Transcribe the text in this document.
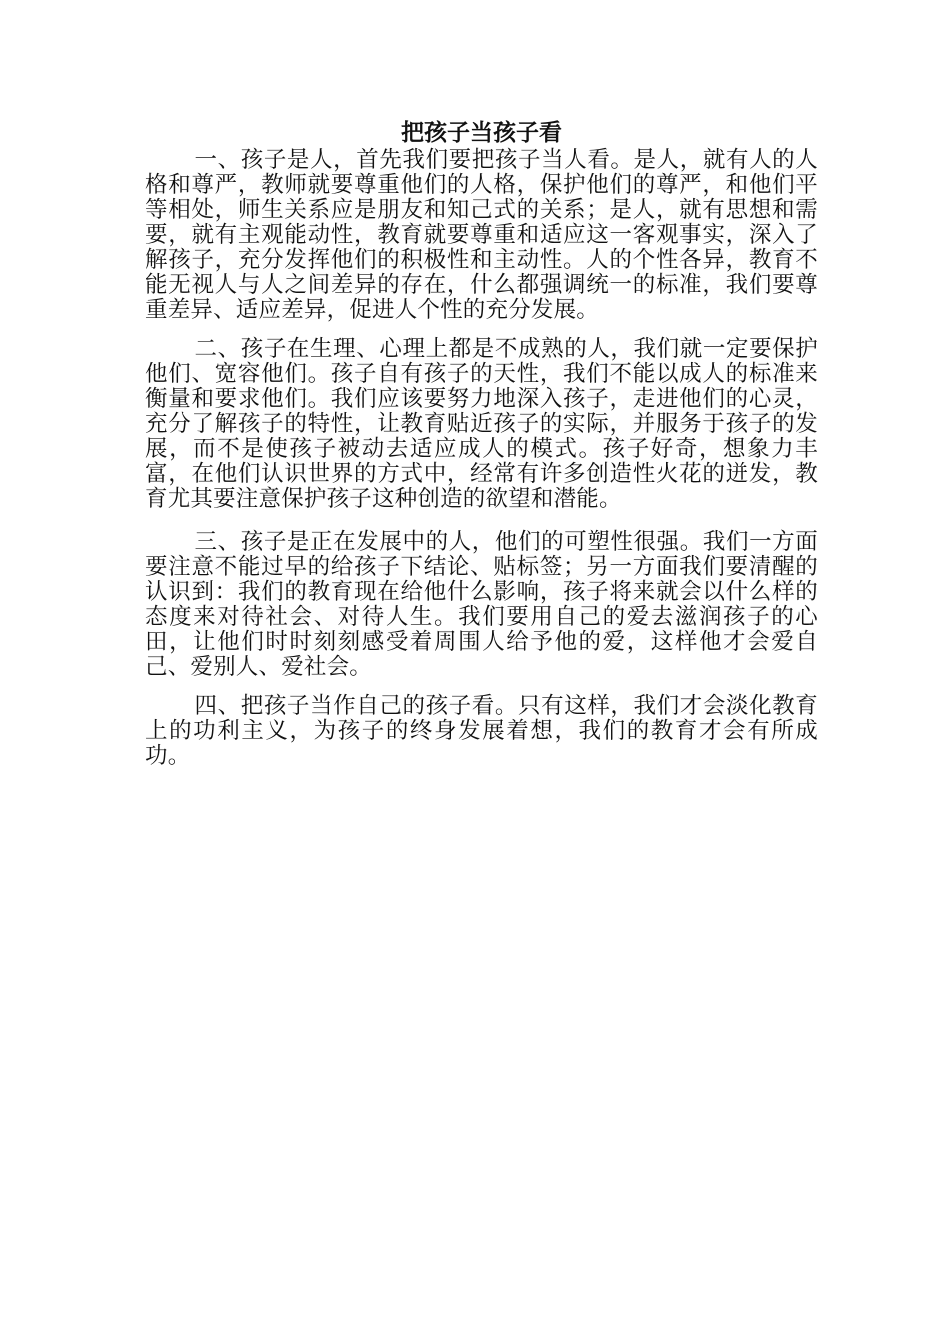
把孩子当孩子看

一、孩子是人，首先我们要把孩子当人看。是人，就有人的人格和尊严，教师就要尊重他们的人格，保护他们的尊严，和他们平等相处，师生关系应是朋友和知己式的关系；是人，就有思想和需要，就有主观能动性，教育就要尊重和适应这一客观事实，深入了解孩子，充分发挥他们的积极性和主动性。人的个性各异，教育不能无视人与人之间差异的存在，什么都强调统一的标准，我们要尊重差异、适应差异，促进人个性的充分发展。

二、孩子在生理、心理上都是不成熟的人，我们就一定要保护他们、宽容他们。孩子自有孩子的天性，我们不能以成人的标准来衡量和要求他们。我们应该要努力地深入孩子，走进他们的心灵，充分了解孩子的特性，让教育贴近孩子的实际，并服务于孩子的发展，而不是使孩子被动去适应成人的模式。孩子好奇，想象力丰富，在他们认识世界的方式中，经常有许多创造性火花的迸发，教育尤其要注意保护孩子这种创造的欲望和潜能。

三、孩子是正在发展中的人，他们的可塑性很强。我们一方面要注意不能过早的给孩子下结论、贴标签；另一方面我们要清醒的认识到：我们的教育现在给他什么影响，孩子将来就会以什么样的态度来对待社会、对待人生。我们要用自己的爱去滋润孩子的心田，让他们时时刻刻感受着周围人给予他的爱，这样他才会爱自己、爱别人、爱社会。

四、把孩子当作自己的孩子看。只有这样，我们才会淡化教育上的功利主义，为孩子的终身发展着想，我们的教育才会有所成功。
